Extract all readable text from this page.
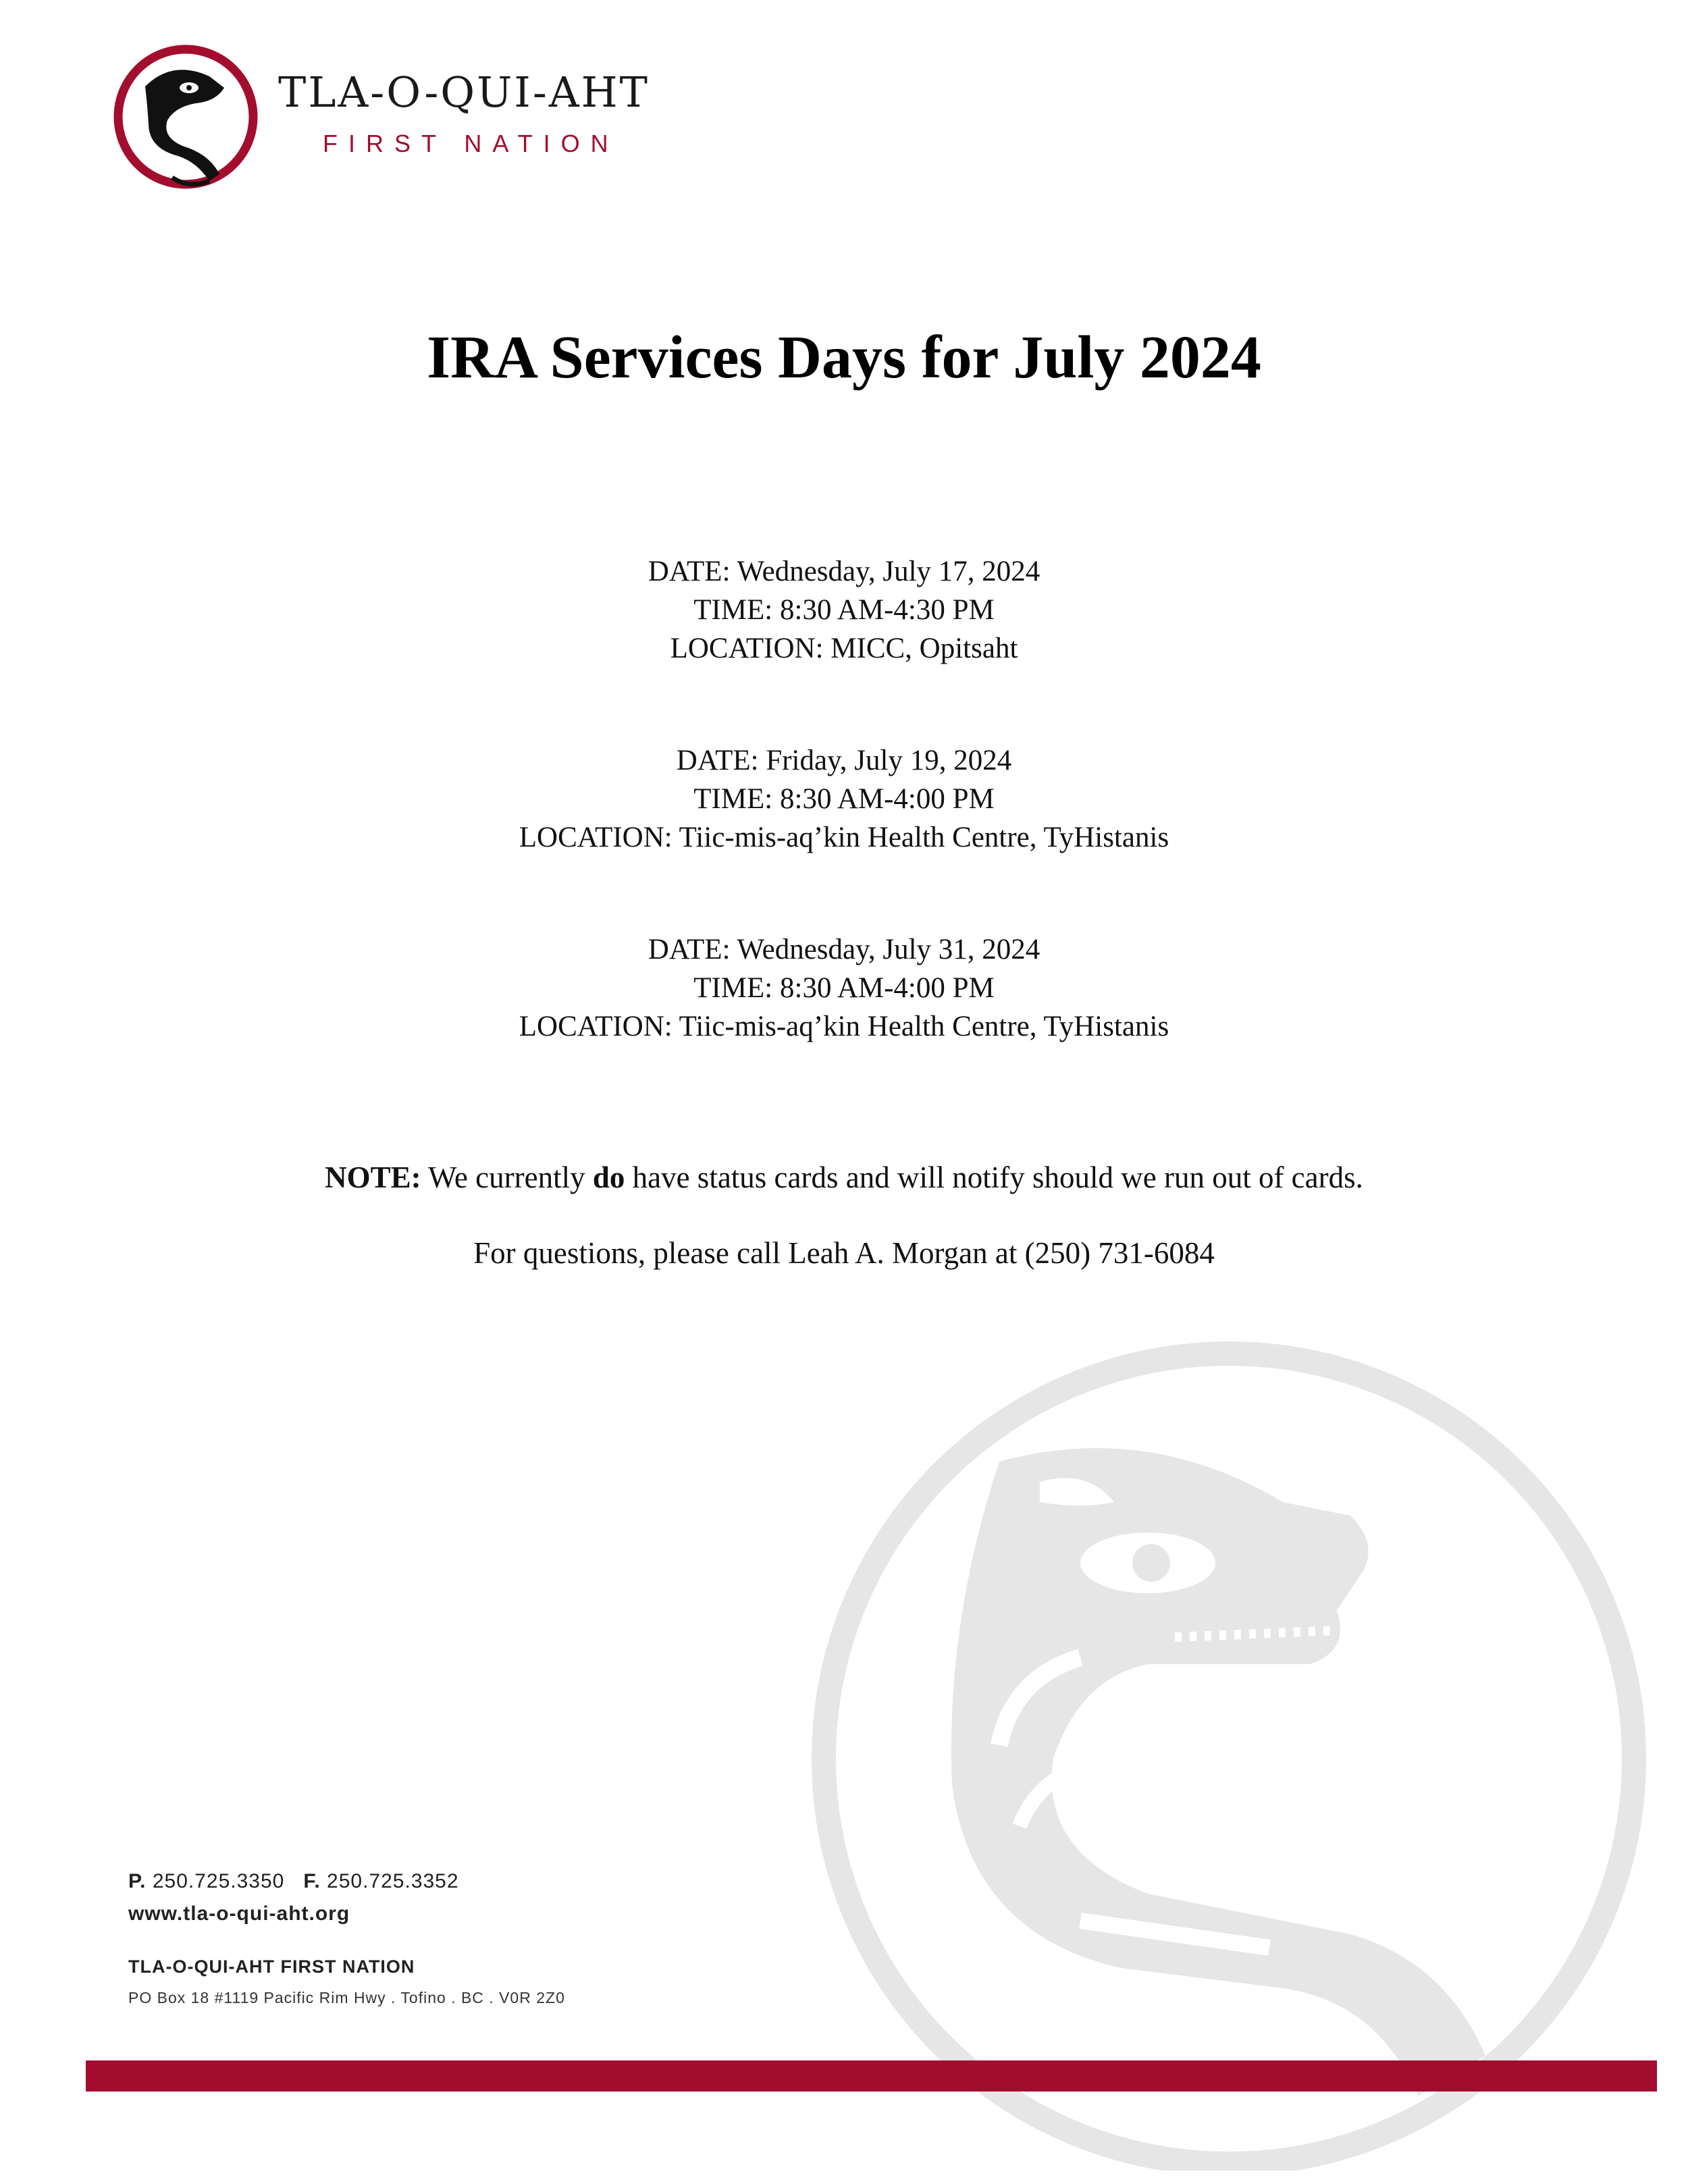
TLA-O-QUI-AHT
FIRST NATION
IRA Services Days for July 2024
DATE: Wednesday, July 17, 2024
TIME: 8:30 AM-4:30 PM
LOCATION: MICC, Opitsaht
DATE: Friday, July 19, 2024
TIME: 8:30 AM-4:00 PM
LOCATION: Tiic-mis-aq’kin Health Centre, TyHistanis
DATE: Wednesday, July 31, 2024
TIME: 8:30 AM-4:00 PM
LOCATION: Tiic-mis-aq’kin Health Centre, TyHistanis
NOTE: We currently do have status cards and will notify should we run out of cards.
For questions, please call Leah A. Morgan at (250) 731-6084
P. 250.725.3350 F. 250.725.3352
www.tla-o-qui-aht.org
TLA-O-QUI-AHT FIRST NATION
PO Box 18 #1119 Pacific Rim Hwy . Tofino . BC . V0R 2Z0
